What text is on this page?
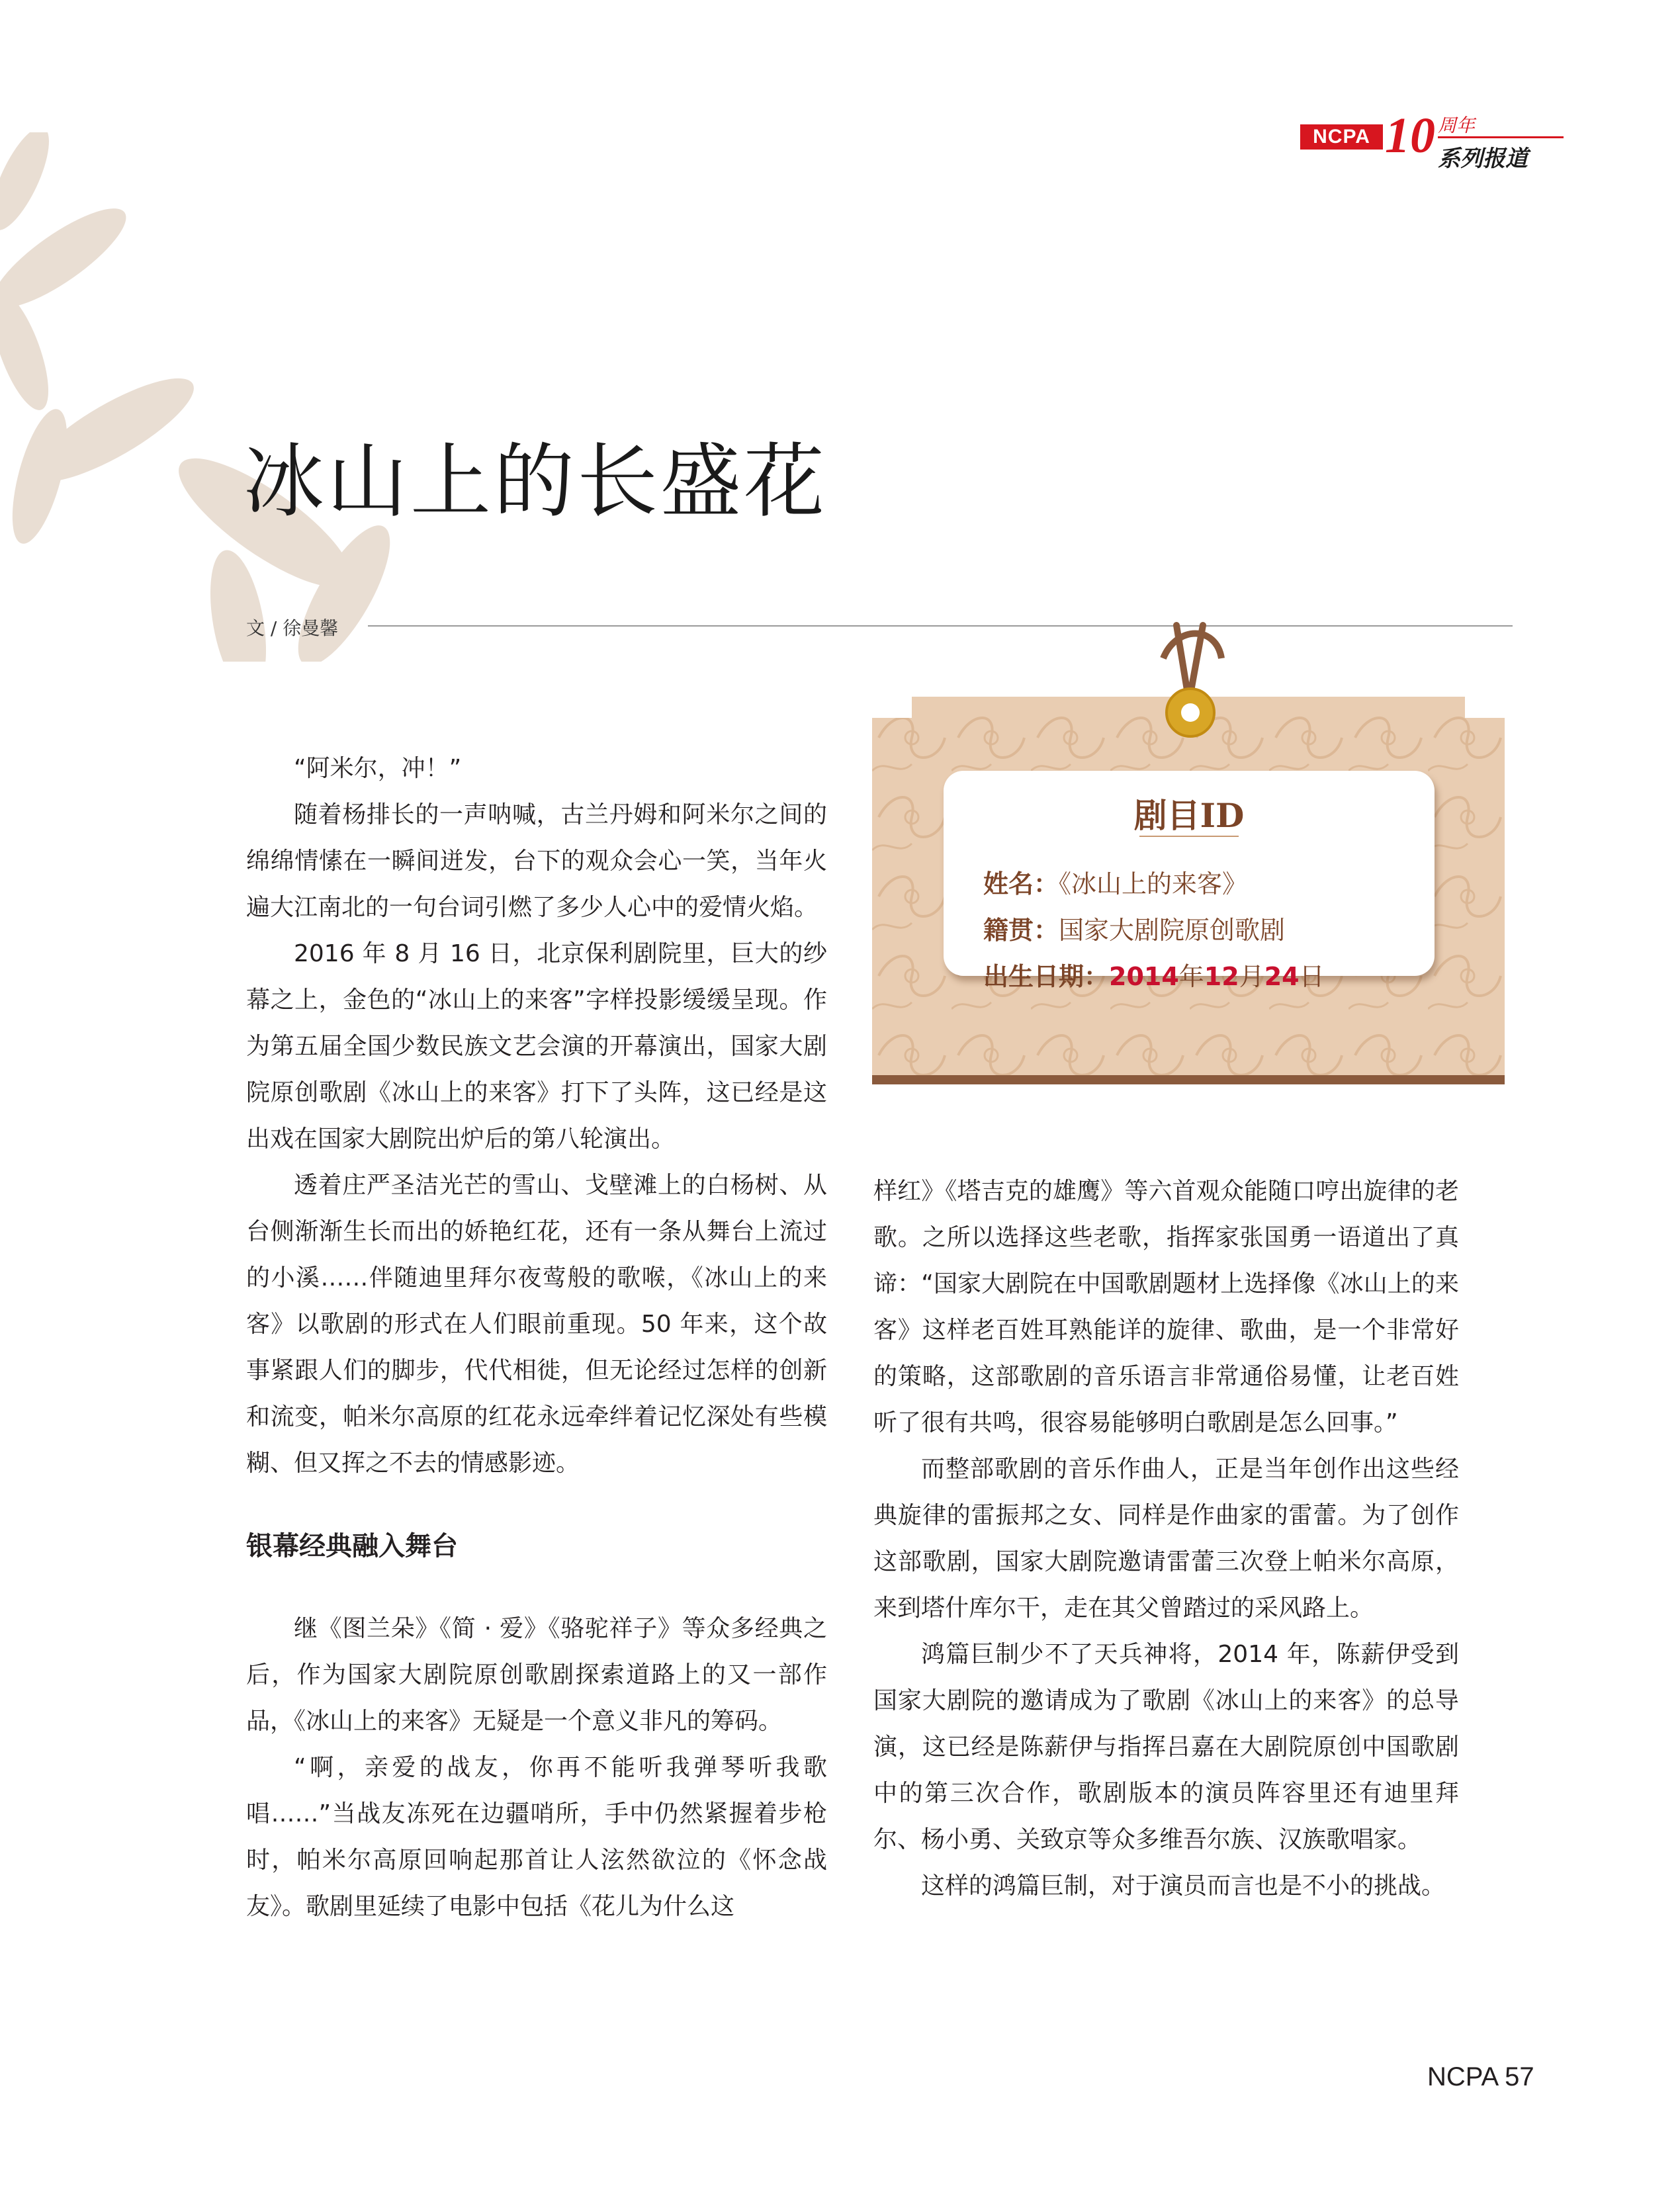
NCPA 10 周年
系列报道
冰山上的长盛花
文 / 徐曼馨

“阿米尔，冲！”

随着杨排长的一声呐喊，古兰丹姆和阿米尔之间的绵绵情愫在一瞬间迸发，台下的观众会心一笑，当年火遍大江南北的一句台词引燃了多少人心中的爱情火焰。

2016 年 8 月 16 日，北京保利剧院里，巨大的纱幕之上，金色的“冰山上的来客”字样投影缓缓呈现。作为第五届全国少数民族文艺会演的开幕演出，国家大剧院原创歌剧《冰山上的来客》打下了头阵，这已经是这出戏在国家大剧院出炉后的第八轮演出。

透着庄严圣洁光芒的雪山、戈壁滩上的白杨树、从台侧渐渐生长而出的娇艳红花，还有一条从舞台上流过的小溪……伴随迪里拜尔夜莺般的歌喉，《冰山上的来客》以歌剧的形式在人们眼前重现。50 年来，这个故事紧跟人们的脚步，代代相徙，但无论经过怎样的创新和流变，帕米尔高原的红花永远牵绊着记忆深处有些模糊、但又挥之不去的情感影迹。

银幕经典融入舞台

继《图兰朵》《简 · 爱》《骆驼祥子》等众多经典之后，作为国家大剧院原创歌剧探索道路上的又一部作品，《冰山上的来客》无疑是一个意义非凡的筹码。

“啊，亲爱的战友，你再不能听我弹琴听我歌唱……”当战友冻死在边疆哨所，手中仍然紧握着步枪时，帕米尔高原回响起那首让人泫然欲泣的《怀念战友》。歌剧里延续了电影中包括《花儿为什么这

剧目ID
姓名：《冰山上的来客》
籍贯：国家大剧院原创歌剧
出生日期：2014年12月24日

样红》《塔吉克的雄鹰》等六首观众能随口哼出旋律的老歌。之所以选择这些老歌，指挥家张国勇一语道出了真谛：“国家大剧院在中国歌剧题材上选择像《冰山上的来客》这样老百姓耳熟能详的旋律、歌曲，是一个非常好的策略，这部歌剧的音乐语言非常通俗易懂，让老百姓听了很有共鸣，很容易能够明白歌剧是怎么回事。”

而整部歌剧的音乐作曲人，正是当年创作出这些经典旋律的雷振邦之女、同样是作曲家的雷蕾。为了创作这部歌剧，国家大剧院邀请雷蕾三次登上帕米尔高原，来到塔什库尔干，走在其父曾踏过的采风路上。

鸿篇巨制少不了天兵神将，2014 年，陈薪伊受到国家大剧院的邀请成为了歌剧《冰山上的来客》的总导演，这已经是陈薪伊与指挥吕嘉在大剧院原创中国歌剧中的第三次合作，歌剧版本的演员阵容里还有迪里拜尔、杨小勇、关致京等众多维吾尔族、汉族歌唱家。

这样的鸿篇巨制，对于演员而言也是不小的挑战。

NCPA 57
